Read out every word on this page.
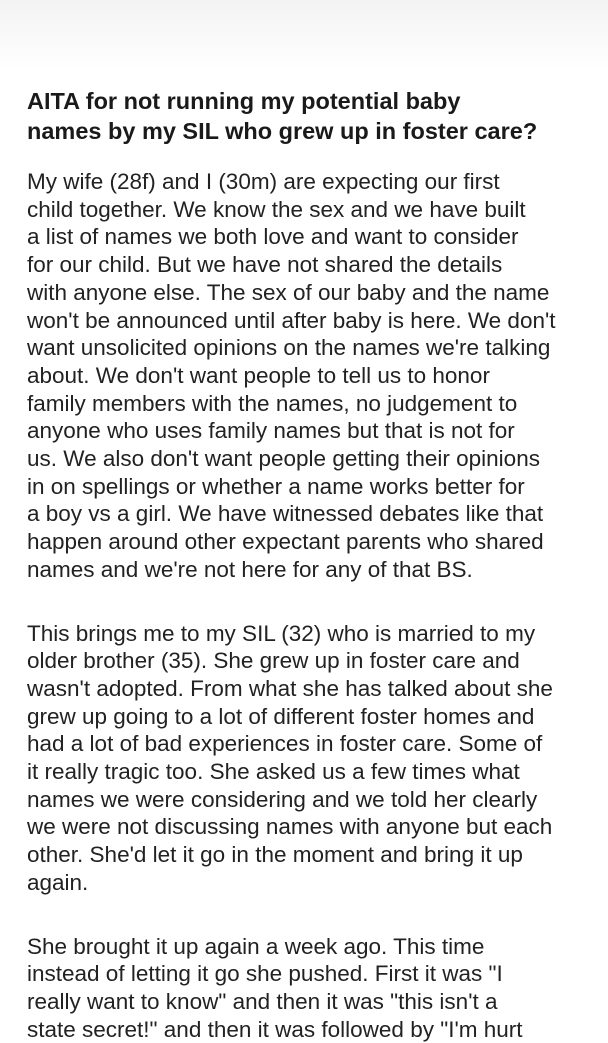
AITA for not running my potential baby
names by my SIL who grew up in foster care?

My wife (28f) and I (30m) are expecting our first
child together. We know the sex and we have built
a list of names we both love and want to consider
for our child. But we have not shared the details
with anyone else. The sex of our baby and the name
won't be announced until after baby is here. We don't
want unsolicited opinions on the names we're talking
about. We don't want people to tell us to honor
family members with the names, no judgement to
anyone who uses family names but that is not for
us. We also don't want people getting their opinions
in on spellings or whether a name works better for
a boy vs a girl. We have witnessed debates like that
happen around other expectant parents who shared
names and we're not here for any of that BS.

This brings me to my SIL (32) who is married to my
older brother (35). She grew up in foster care and
wasn't adopted. From what she has talked about she
grew up going to a lot of different foster homes and
had a lot of bad experiences in foster care. Some of
it really tragic too. She asked us a few times what
names we were considering and we told her clearly
we were not discussing names with anyone but each
other. She'd let it go in the moment and bring it up
again.

She brought it up again a week ago. This time
instead of letting it go she pushed. First it was "I
really want to know" and then it was "this isn't a
state secret!" and then it was followed by "I'm hurt
